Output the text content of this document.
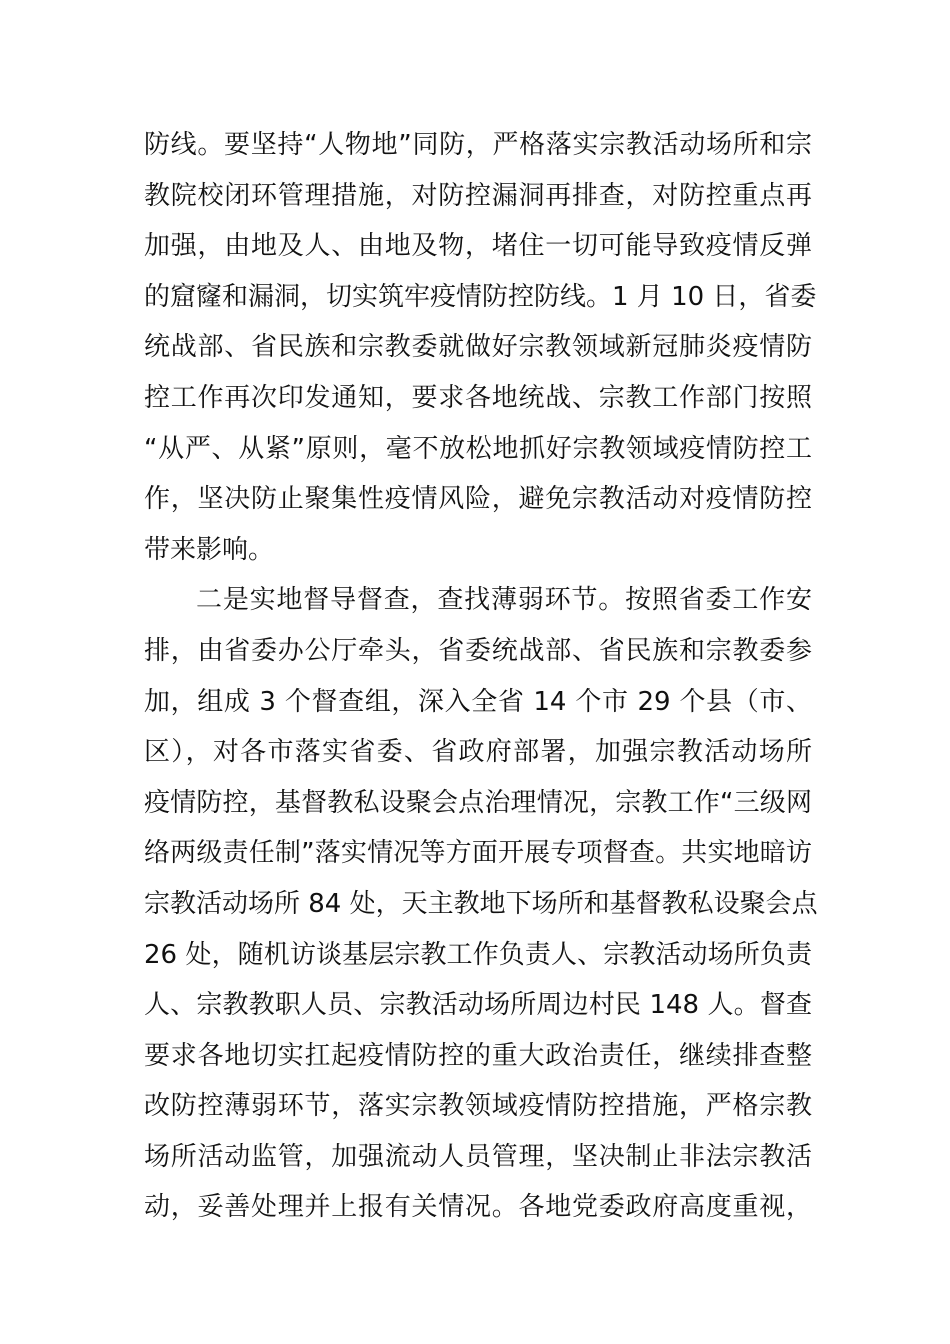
防线。要坚持“人物地”同防，严格落实宗教活动场所和宗
教院校闭环管理措施，对防控漏洞再排查，对防控重点再
加强，由地及人、由地及物，堵住一切可能导致疫情反弹
的窟窿和漏洞，切实筑牢疫情防控防线。1 月 10 日，省委
统战部、省民族和宗教委就做好宗教领域新冠肺炎疫情防
控工作再次印发通知，要求各地统战、宗教工作部门按照
“从严、从紧”原则，毫不放松地抓好宗教领域疫情防控工
作，坚决防止聚集性疫情风险，避免宗教活动对疫情防控
带来影响。
二是实地督导督查，查找薄弱环节。按照省委工作安
排，由省委办公厅牵头，省委统战部、省民族和宗教委参
加，组成 3 个督查组，深入全省 14 个市 29 个县（市、
区），对各市落实省委、省政府部署，加强宗教活动场所
疫情防控，基督教私设聚会点治理情况，宗教工作“三级网
络两级责任制”落实情况等方面开展专项督查。共实地暗访
宗教活动场所 84 处，天主教地下场所和基督教私设聚会点
26 处，随机访谈基层宗教工作负责人、宗教活动场所负责
人、宗教教职人员、宗教活动场所周边村民 148 人。督查
要求各地切实扛起疫情防控的重大政治责任，继续排查整
改防控薄弱环节，落实宗教领域疫情防控措施，严格宗教
场所活动监管，加强流动人员管理，坚决制止非法宗教活
动，妥善处理并上报有关情况。各地党委政府高度重视，
